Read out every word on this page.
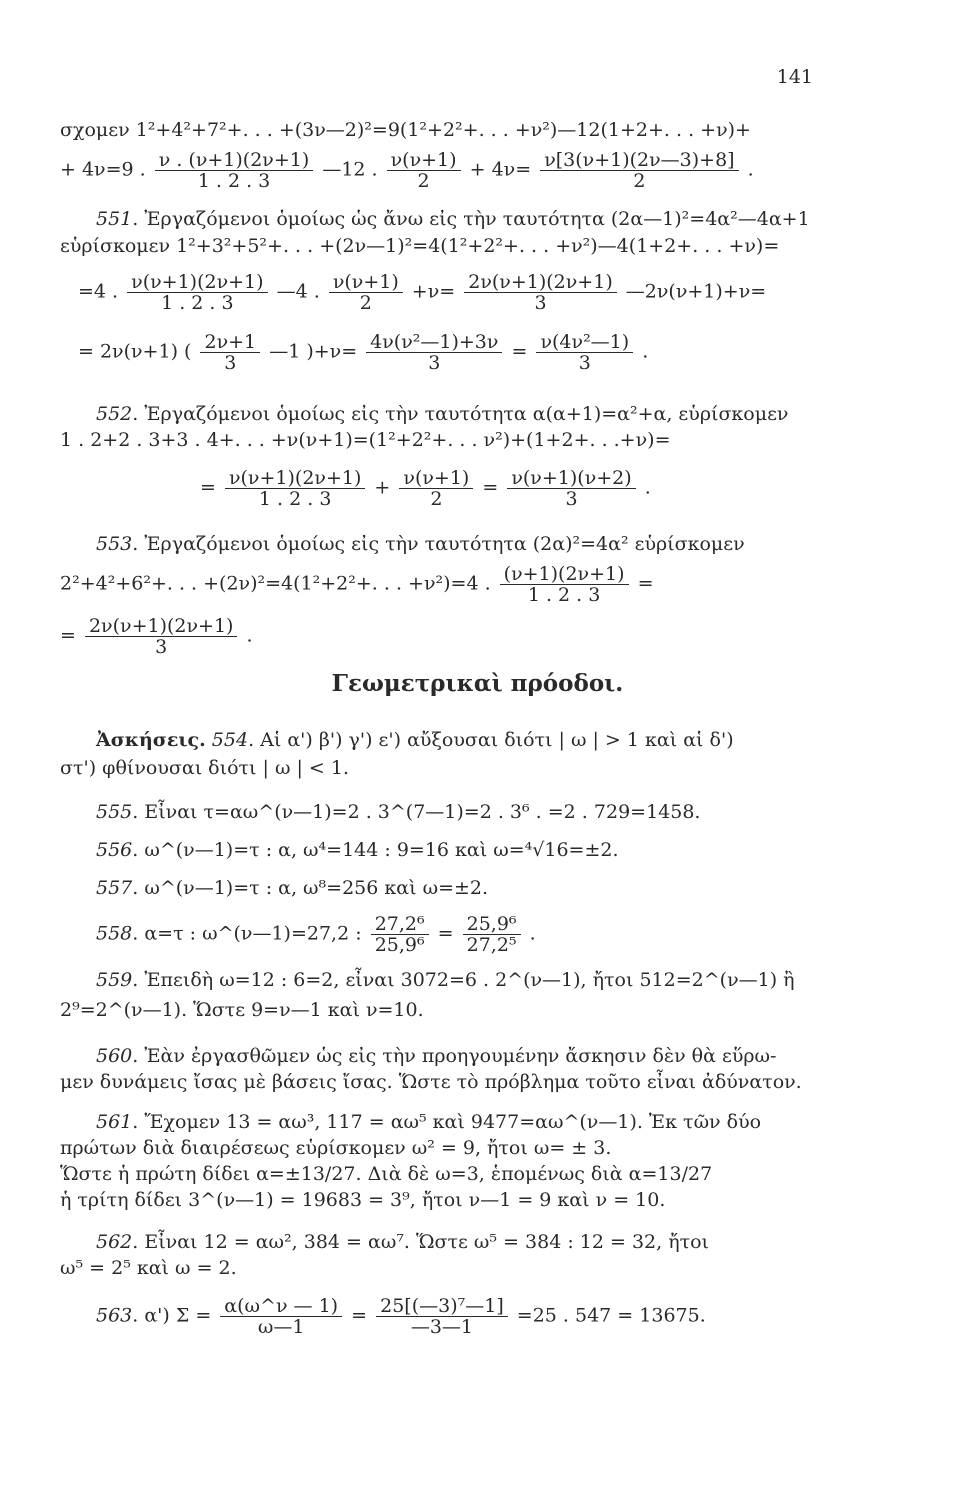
141
σχομεν 1²+4²+7²+. . . +(3ν—2)²=9(1²+2²+. . . +ν²)—12(1+2+. . . +ν)+
+ 4ν=9 . $\frac{\nu . (\nu+1)(2\nu+1)}{1 . 2 . 3}$ —12 . $\frac{\nu(\nu+1)}{2} + 4\nu= \frac{\nu[3(\nu+1)(2\nu—3)+8]}{2}$ .
551. Ἐργαζόμενοι ὁμοίως ὡς ἄνω εἰς τὴν ταυτότητα (2α—1)²=4α²—4α+1
εὑρίσκομεν 1²+3²+5²+. . . +(2ν—1)²=4(1²+2²+. . . +ν²)—4(1+2+. . . +ν)=
=4 . $\frac{\nu(\nu+1)(2\nu+1)}{1 . 2 . 3}$ —4 . $\frac{\nu(\nu+1)}{2} +\nu= \frac{2\nu(\nu+1)(2\nu+1)}{3}$ —2ν(ν+1)+ν=
= 2ν(ν+1) ( $\frac{2\nu+1}{3}$ —1 )$+\nu= \frac{\text{4ν(ν²—1)+3ν}}{3} = \frac{\text{ν(4ν²—1)}}{3}$ .
552. Ἐργαζόμενοι ὁμοίως εἰς τὴν ταυτότητα α(α+1)=α²+α, εὑρίσκομεν
1 . 2+2 . 3+3 . 4+. . . +ν(ν+1)=(1²+2²+. . . ν²)+(1+2+. . .+ν)=
= $\frac{\nu(\nu+1)(2\nu+1)}{1 . 2 . 3} + \frac{\nu(\nu+1)}{2} = \frac{\nu(\nu+1)(\nu+2)}{3}$ .
553. Ἐργαζόμενοι ὁμοίως εἰς τὴν ταυτότητα (2α)²=4α² εὑρίσκομεν
2²+4²+6²+. . . +(2ν)²=4(1²+2²+. . . +ν²)=4 . $\frac{(\nu+1)(2\nu+1)}{1 . 2 . 3}$ =
= $\frac{2\nu(\nu+1)(2\nu+1)}{3}$ .
Γεωμετρικαὶ πρόοδοι.
Ἀσκήσεις. 554. Αἱ α') β') γ') ε') αὔξουσαι διότι | ω | > 1 καὶ αἱ δ')
στ') φθίνουσαι διότι | ω | < 1.
555. Εἶναι τ=αω^(ν—1)=2 . 3^(7—1)=2 . 3⁶ . =2 . 729=1458.
556. ω^(ν—1)=τ : α, ω⁴=144 : 9=16 καὶ ω=⁴√16=±2.
557. ω^(ν—1)=τ : α, ω⁸=256 καὶ ω=±2.
558. α=τ : ω^(ν—1)=27,2 : $\frac{\text{27,2⁶}}{\text{25,9⁶}} = \frac{\text{25,9⁶}}{\text{27,2⁵}}$ .
559. Ἐπειδὴ ω=12 : 6=2, εἶναι 3072=6 . 2^(ν—1), ἤτοι 512=2^(ν—1) ἢ
2⁹=2^(ν—1). Ὥστε 9=ν—1 καὶ ν=10.
560. Ἐὰν ἐργασθῶμεν ὡς εἰς τὴν προηγουμένην ἄσκησιν δὲν θὰ εὕρω-
μεν δυνάμεις ἴσας μὲ βάσεις ἴσας. Ὥστε τὸ πρόβλημα τοῦτο εἶναι ἀδύνατον.
561. Ἔχομεν 13 = αω³, 117 = αω⁵ καὶ 9477=αω^(ν—1). Ἐκ τῶν δύο
πρώτων διὰ διαιρέσεως εὑρίσκομεν ω² = 9, ἤτοι ω= ± 3.
Ὥστε ἡ πρώτη δίδει α=±13/27. Διὰ δὲ ω=3, ἑπομένως διὰ α=13/27
ἡ τρίτη δίδει 3^(ν—1) = 19683 = 3⁹, ἤτοι ν—1 = 9 καὶ ν = 10.
562. Εἶναι 12 = αω², 384 = αω⁷. Ὥστε ω⁵ = 384 : 12 = 32, ἤτοι
ω⁵ = 2⁵ καὶ ω = 2.
563. α') $\Sigma = \frac{\alpha(\omega\^{}\nu — 1)}{\omega—1} = \frac{\text{25[(—3)⁷—1]}}{—3—1} =25$ . 547 = 13675.
